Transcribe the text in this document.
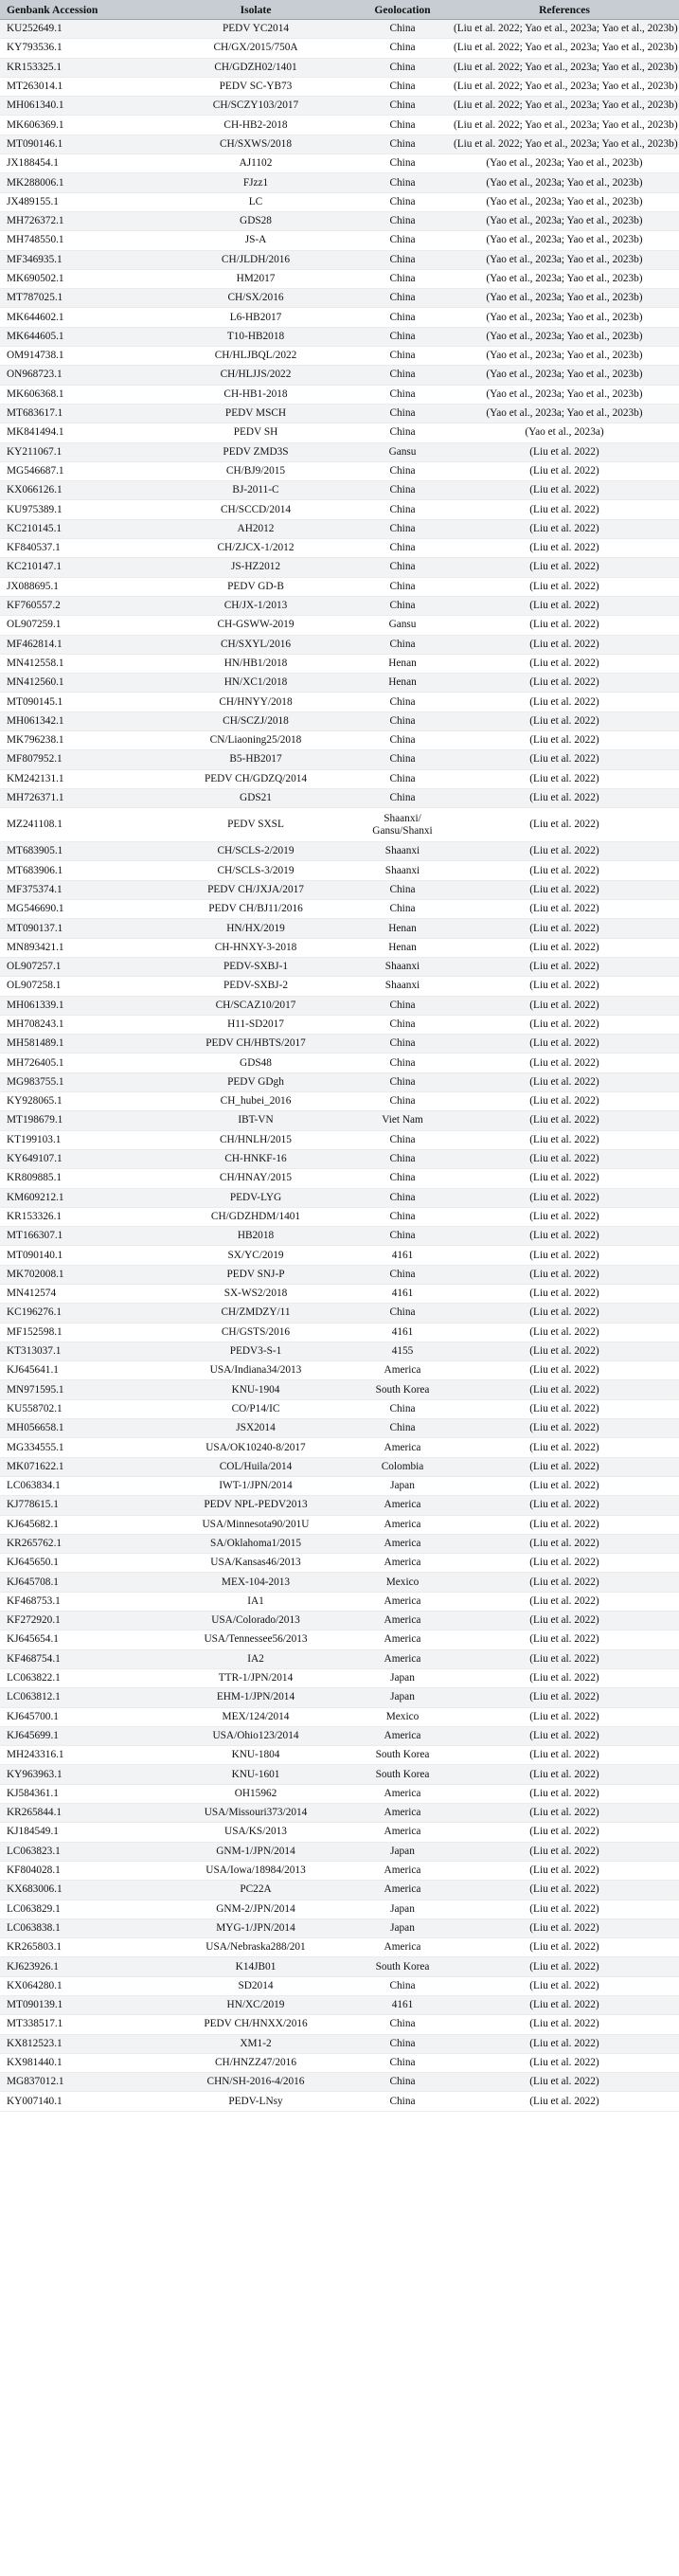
Genbank Accession	Isolate	Geolocation	References
KU252649.1	PEDV YC2014	China	(Liu et al. 2022; Yao et al., 2023a; Yao et al., 2023b)
KY793536.1	CH/GX/2015/750A	China	(Liu et al. 2022; Yao et al., 2023a; Yao et al., 2023b)
KR153325.1	CH/GDZH02/1401	China	(Liu et al. 2022; Yao et al., 2023a; Yao et al., 2023b)
MT263014.1	PEDV SC-YB73	China	(Liu et al. 2022; Yao et al., 2023a; Yao et al., 2023b)
MH061340.1	CH/SCZY103/2017	China	(Liu et al. 2022; Yao et al., 2023a; Yao et al., 2023b)
MK606369.1	CH-HB2-2018	China	(Liu et al. 2022; Yao et al., 2023a; Yao et al., 2023b)
MT090146.1	CH/SXWS/2018	China	(Liu et al. 2022; Yao et al., 2023a; Yao et al., 2023b)
JX188454.1	AJ1102	China	(Yao et al., 2023a; Yao et al., 2023b)
MK288006.1	FJzz1	China	(Yao et al., 2023a; Yao et al., 2023b)
JX489155.1	LC	China	(Yao et al., 2023a; Yao et al., 2023b)
MH726372.1	GDS28	China	(Yao et al., 2023a; Yao et al., 2023b)
MH748550.1	JS-A	China	(Yao et al., 2023a; Yao et al., 2023b)
MF346935.1	CH/JLDH/2016	China	(Yao et al., 2023a; Yao et al., 2023b)
MK690502.1	HM2017	China	(Yao et al., 2023a; Yao et al., 2023b)
MT787025.1	CH/SX/2016	China	(Yao et al., 2023a; Yao et al., 2023b)
MK644602.1	L6-HB2017	China	(Yao et al., 2023a; Yao et al., 2023b)
MK644605.1	T10-HB2018	China	(Yao et al., 2023a; Yao et al., 2023b)
OM914738.1	CH/HLJBQL/2022	China	(Yao et al., 2023a; Yao et al., 2023b)
ON968723.1	CH/HLJJS/2022	China	(Yao et al., 2023a; Yao et al., 2023b)
MK606368.1	CH-HB1-2018	China	(Yao et al., 2023a; Yao et al., 2023b)
MT683617.1	PEDV MSCH	China	(Yao et al., 2023a; Yao et al., 2023b)
MK841494.1	PEDV SH	China	(Yao et al., 2023a)
KY211067.1	PEDV ZMD3S	Gansu	(Liu et al. 2022)
MG546687.1	CH/BJ9/2015	China	(Liu et al. 2022)
KX066126.1	BJ-2011-C	China	(Liu et al. 2022)
KU975389.1	CH/SCCD/2014	China	(Liu et al. 2022)
KC210145.1	AH2012	China	(Liu et al. 2022)
KF840537.1	CH/ZJCX-1/2012	China	(Liu et al. 2022)
KC210147.1	JS-HZ2012	China	(Liu et al. 2022)
JX088695.1	PEDV GD-B	China	(Liu et al. 2022)
KF760557.2	CH/JX-1/2013	China	(Liu et al. 2022)
OL907259.1	CH-GSWW-2019	Gansu	(Liu et al. 2022)
MF462814.1	CH/SXYL/2016	China	(Liu et al. 2022)
MN412558.1	HN/HB1/2018	Henan	(Liu et al. 2022)
MN412560.1	HN/XC1/2018	Henan	(Liu et al. 2022)
MT090145.1	CH/HNYY/2018	China	(Liu et al. 2022)
MH061342.1	CH/SCZJ/2018	China	(Liu et al. 2022)
MK796238.1	CN/Liaoning25/2018	China	(Liu et al. 2022)
MF807952.1	B5-HB2017	China	(Liu et al. 2022)
KM242131.1	PEDV CH/GDZQ/2014	China	(Liu et al. 2022)
MH726371.1	GDS21	China	(Liu et al. 2022)
MZ241108.1	PEDV SXSL	Shaanxi/ Gansu/Shanxi	(Liu et al. 2022)
MT683905.1	CH/SCLS-2/2019	Shaanxi	(Liu et al. 2022)
MT683906.1	CH/SCLS-3/2019	Shaanxi	(Liu et al. 2022)
MF375374.1	PEDV CH/JXJA/2017	China	(Liu et al. 2022)
MG546690.1	PEDV CH/BJ11/2016	China	(Liu et al. 2022)
MT090137.1	HN/HX/2019	Henan	(Liu et al. 2022)
MN893421.1	CH-HNXY-3-2018	Henan	(Liu et al. 2022)
OL907257.1	PEDV-SXBJ-1	Shaanxi	(Liu et al. 2022)
OL907258.1	PEDV-SXBJ-2	Shaanxi	(Liu et al. 2022)
MH061339.1	CH/SCAZ10/2017	China	(Liu et al. 2022)
MH708243.1	H11-SD2017	China	(Liu et al. 2022)
MH581489.1	PEDV CH/HBTS/2017	China	(Liu et al. 2022)
MH726405.1	GDS48	China	(Liu et al. 2022)
MG983755.1	PEDV GDgh	China	(Liu et al. 2022)
KY928065.1	CH_hubei_2016	China	(Liu et al. 2022)
MT198679.1	IBT-VN	Viet Nam	(Liu et al. 2022)
KT199103.1	CH/HNLH/2015	China	(Liu et al. 2022)
KY649107.1	CH-HNKF-16	China	(Liu et al. 2022)
KR809885.1	CH/HNAY/2015	China	(Liu et al. 2022)
KM609212.1	PEDV-LYG	China	(Liu et al. 2022)
KR153326.1	CH/GDZHDM/1401	China	(Liu et al. 2022)
MT166307.1	HB2018	China	(Liu et al. 2022)
MT090140.1	SX/YC/2019	4161	(Liu et al. 2022)
MK702008.1	PEDV SNJ-P	China	(Liu et al. 2022)
MN412574	SX-WS2/2018	4161	(Liu et al. 2022)
KC196276.1	CH/ZMDZY/11	China	(Liu et al. 2022)
MF152598.1	CH/GSTS/2016	4161	(Liu et al. 2022)
KT313037.1	PEDV3-S-1	4155	(Liu et al. 2022)
KJ645641.1	USA/Indiana34/2013	America	(Liu et al. 2022)
MN971595.1	KNU-1904	South Korea	(Liu et al. 2022)
KU558702.1	CO/P14/IC	China	(Liu et al. 2022)
MH056658.1	JSX2014	China	(Liu et al. 2022)
MG334555.1	USA/OK10240-8/2017	America	(Liu et al. 2022)
MK071622.1	COL/Huila/2014	Colombia	(Liu et al. 2022)
LC063834.1	IWT-1/JPN/2014	Japan	(Liu et al. 2022)
KJ778615.1	PEDV NPL-PEDV2013	America	(Liu et al. 2022)
KJ645682.1	USA/Minnesota90/201U	America	(Liu et al. 2022)
KR265762.1	SA/Oklahoma1/2015	America	(Liu et al. 2022)
KJ645650.1	USA/Kansas46/2013	America	(Liu et al. 2022)
KJ645708.1	MEX-104-2013	Mexico	(Liu et al. 2022)
KF468753.1	IA1	America	(Liu et al. 2022)
KF272920.1	USA/Colorado/2013	America	(Liu et al. 2022)
KJ645654.1	USA/Tennessee56/2013	America	(Liu et al. 2022)
KF468754.1	IA2	America	(Liu et al. 2022)
LC063822.1	TTR-1/JPN/2014	Japan	(Liu et al. 2022)
LC063812.1	EHM-1/JPN/2014	Japan	(Liu et al. 2022)
KJ645700.1	MEX/124/2014	Mexico	(Liu et al. 2022)
KJ645699.1	USA/Ohio123/2014	America	(Liu et al. 2022)
MH243316.1	KNU-1804	South Korea	(Liu et al. 2022)
KY963963.1	KNU-1601	South Korea	(Liu et al. 2022)
KJ584361.1	OH15962	America	(Liu et al. 2022)
KR265844.1	USA/Missouri373/2014	America	(Liu et al. 2022)
KJ184549.1	USA/KS/2013	America	(Liu et al. 2022)
LC063823.1	GNM-1/JPN/2014	Japan	(Liu et al. 2022)
KF804028.1	USA/Iowa/18984/2013	America	(Liu et al. 2022)
KX683006.1	PC22A	America	(Liu et al. 2022)
LC063829.1	GNM-2/JPN/2014	Japan	(Liu et al. 2022)
LC063838.1	MYG-1/JPN/2014	Japan	(Liu et al. 2022)
KR265803.1	USA/Nebraska288/201	America	(Liu et al. 2022)
KJ623926.1	K14JB01	South Korea	(Liu et al. 2022)
KX064280.1	SD2014	China	(Liu et al. 2022)
MT090139.1	HN/XC/2019	4161	(Liu et al. 2022)
MT338517.1	PEDV CH/HNXX/2016	China	(Liu et al. 2022)
KX812523.1	XM1-2	China	(Liu et al. 2022)
KX981440.1	CH/HNZZ47/2016	China	(Liu et al. 2022)
MG837012.1	CHN/SH-2016-4/2016	China	(Liu et al. 2022)
KY007140.1	PEDV-LNsy	China	(Liu et al. 2022)
